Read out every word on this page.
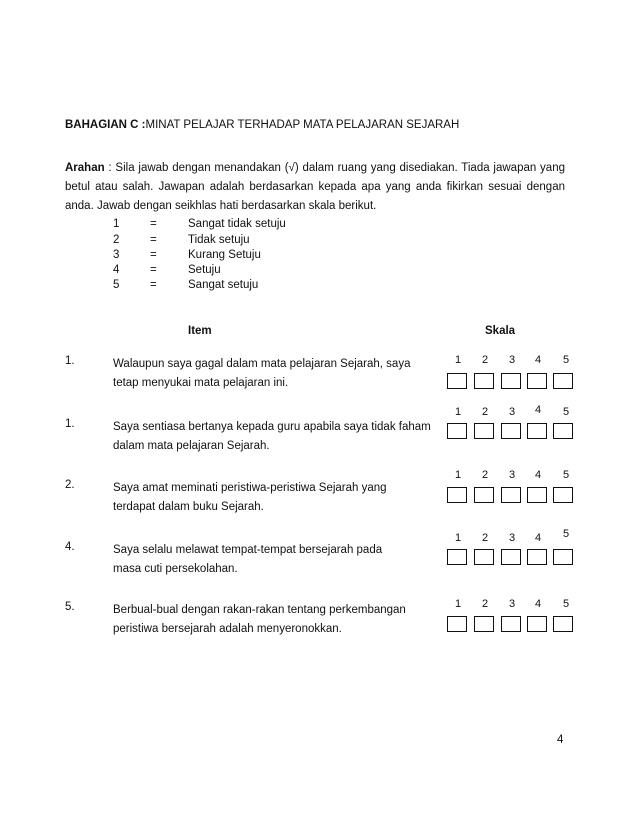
BAHAGIAN C :MINAT PELAJAR TERHADAP MATA PELAJARAN SEJARAH
Arahan : Sila jawab dengan menandakan (√) dalam ruang yang disediakan. Tiada jawapan yang betul atau salah. Jawapan adalah berdasarkan kepada apa yang anda fikirkan sesuai dengan anda. Jawab dengan seikhlas hati berdasarkan skala berikut.
1	=	Sangat tidak setuju
2	=	Tidak setuju
3	=	Kurang Setuju
4	=	Setuju
5	=	Sangat setuju
Item	Skala
1.	Walaupun saya gagal dalam mata pelajaran Sejarah, saya tetap menyukai mata pelajaran ini.
1 2 3 4 5
1.	Saya sentiasa bertanya kepada guru apabila saya tidak faham dalam mata pelajaran Sejarah.
1 2 3 4 5
2.	Saya amat meminati peristiwa-peristiwa Sejarah yang terdapat dalam buku Sejarah.
1 2 3 4 5
4.	Saya selalu melawat tempat-tempat bersejarah pada masa cuti persekolahan.
1 2 3 4 5
5.	Berbual-bual dengan rakan-rakan tentang perkembangan peristiwa bersejarah adalah menyeronokkan.
1 2 3 4 5
4
